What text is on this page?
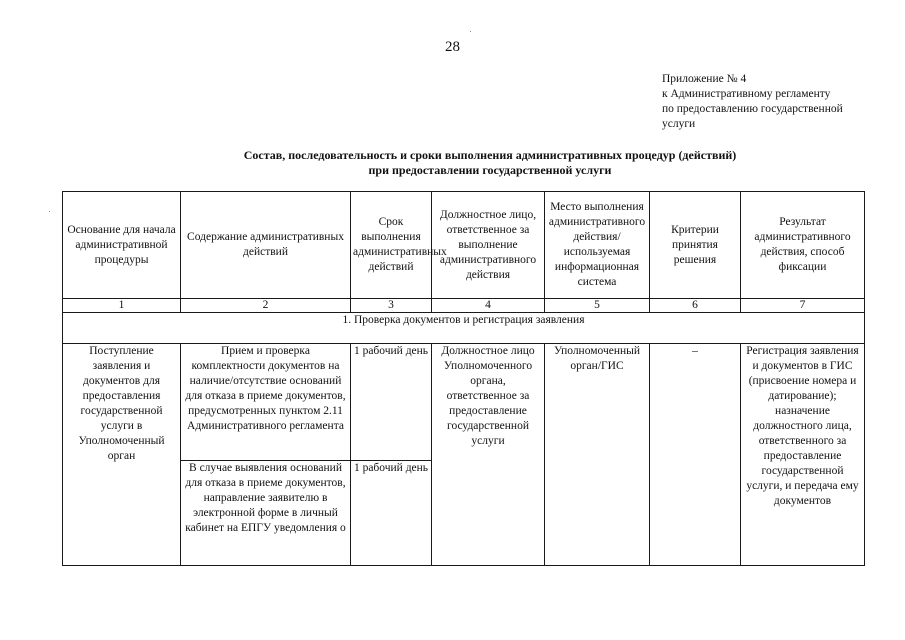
28
Приложение № 4
к Административному регламенту
по предоставлению государственной
услуги
Состав, последовательность и сроки выполнения административных процедур (действий)
при предоставлении государственной услуги
Основание для начала административной процедуры	Содержание административных действий	Срок выполнения административных действий	Должностное лицо, ответственное за выполнение административного действия	Место выполнения административного действия/ используемая информационная система	Критерии принятия решения	Результат административного действия, способ фиксации
1	2	3	4	5	6	7
1. Проверка документов и регистрация заявления						
Поступление заявления и документов для предоставления государственной услуги в Уполномоченный орган	Прием и проверка комплектности документов на наличие/отсутствие оснований для отказа в приеме документов, предусмотренных пунктом 2.11 Административного регламента	1 рабочий день	Должностное лицо Уполномоченного органа, ответственное за предоставление государственной услуги	Уполномоченный орган/ГИС	–	Регистрация заявления и документов в ГИС (присвоение номера и датирование); назначение должностного лица, ответственного за предоставление государственной услуги, и передача ему документов
	В случае выявления оснований для отказа в приеме документов, направление заявителю в электронной форме в личный кабинет на ЕПГУ уведомления о	1 рабочий день				
